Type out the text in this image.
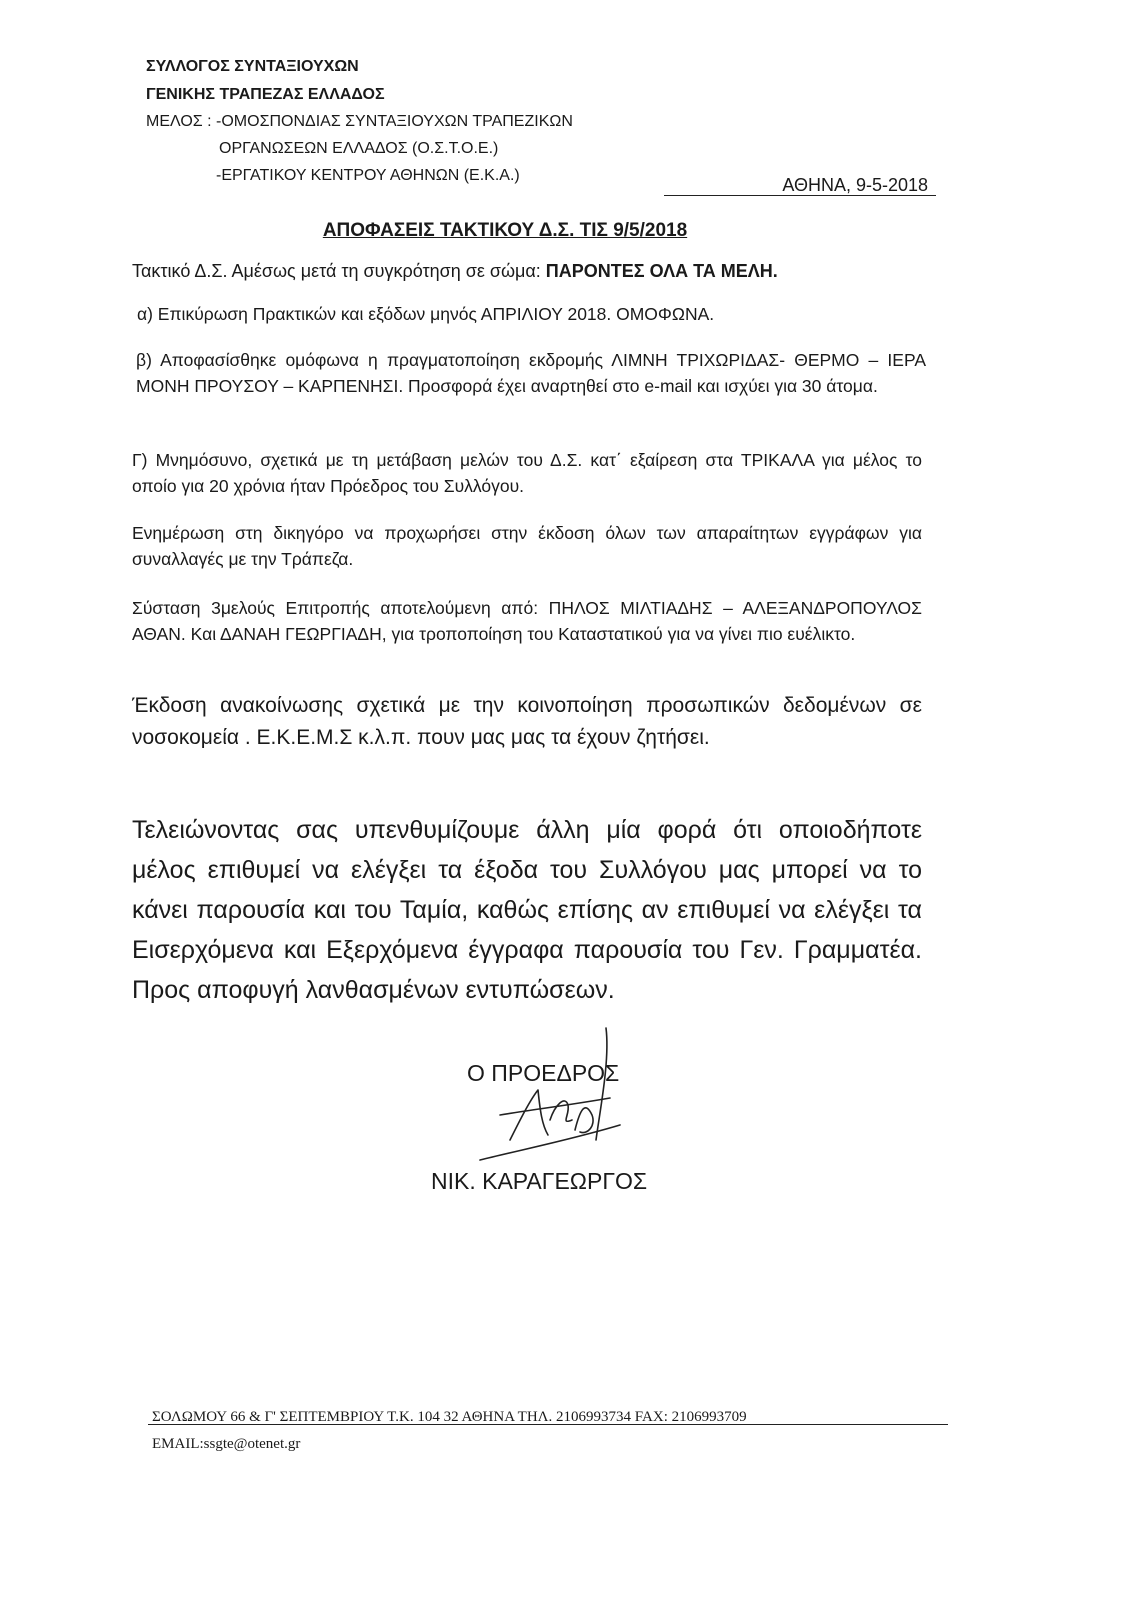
ΣΥΛΛΟΓΟΣ ΣΥΝΤΑΞΙΟΥΧΩΝ
ΓΕΝΙΚΗΣ ΤΡΑΠΕΖΑΣ ΕΛΛΑΔΟΣ
ΜΕΛΟΣ : -ΟΜΟΣΠΟΝΔΙΑΣ ΣΥΝΤΑΞΙΟΥΧΩΝ ΤΡΑΠΕΖΙΚΩΝ
ΟΡΓΑΝΩΣΕΩΝ ΕΛΛΑΔΟΣ (Ο.Σ.Τ.Ο.Ε.)
-ΕΡΓΑΤΙΚΟΥ ΚΕΝΤΡΟΥ ΑΘΗΝΩΝ (Ε.Κ.Α.)	ΑΘΗΝΑ, 9-5-2018
ΑΠΟΦΑΣΕΙΣ ΤΑΚΤΙΚΟΥ Δ.Σ. ΤΙΣ 9/5/2018
Τακτικό Δ.Σ. Αμέσως μετά τη συγκρότηση σε σώμα: ΠΑΡΟΝΤΕΣ ΟΛΑ ΤΑ ΜΕΛΗ.
α) Επικύρωση Πρακτικών και εξόδων μηνός ΑΠΡΙΛΙΟΥ 2018. ΟΜΟΦΩΝΑ.
β) Αποφασίσθηκε ομόφωνα η πραγματοποίηση εκδρομής ΛΙΜΝΗ ΤΡΙΧΩΡΙΔΑΣ- ΘΕΡΜΟ – ΙΕΡΑ ΜΟΝΗ ΠΡΟΥΣΟΥ – ΚΑΡΠΕΝΗΣΙ. Προσφορά έχει αναρτηθεί στο e-mail και ισχύει για 30 άτομα.
Γ) Μνημόσυνο, σχετικά με τη μετάβαση μελών του Δ.Σ. κατ΄ εξαίρεση στα ΤΡΙΚΑΛΑ για μέλος το οποίο για 20 χρόνια ήταν Πρόεδρος του Συλλόγου.
Ενημέρωση στη δικηγόρο να προχωρήσει στην έκδοση όλων των απαραίτητων εγγράφων για συναλλαγές με την Τράπεζα.
Σύσταση 3μελούς Επιτροπής αποτελούμενη από: ΠΗΛΟΣ ΜΙΛΤΙΑΔΗΣ – ΑΛΕΞΑΝΔΡΟΠΟΥΛΟΣ ΑΘΑΝ. Και ΔΑΝΑΗ ΓΕΩΡΓΙΑΔΗ, για τροποποίηση του Καταστατικού για να γίνει πιο ευέλικτο.
Έκδοση ανακοίνωσης σχετικά με την κοινοποίηση προσωπικών δεδομένων σε νοσοκομεία . Ε.Κ.Ε.Μ.Σ κ.λ.π. πουν μας μας τα έχουν ζητήσει.
Τελειώνοντας σας υπενθυμίζουμε άλλη μία φορά ότι οποιοδήποτε μέλος επιθυμεί να ελέγξει τα έξοδα του Συλλόγου μας μπορεί να το κάνει παρουσία και του Ταμία, καθώς επίσης αν επιθυμεί να ελέγξει τα Εισερχόμενα και Εξερχόμενα έγγραφα παρουσία του Γεν. Γραμματέα. Προς αποφυγή λανθασμένων εντυπώσεων.
Ο ΠΡΟΕΔΡΟΣ
ΝΙΚ. ΚΑΡΑΓΕΩΡΓΟΣ
ΣΟΛΩΜΟΥ 66 & Γ' ΣΕΠΤΕΜΒΡΙΟΥ Τ.Κ. 104 32 ΑΘΗΝΑ ΤΗΛ. 2106993734 FAX: 2106993709
EMAIL:ssgte@otenet.gr
